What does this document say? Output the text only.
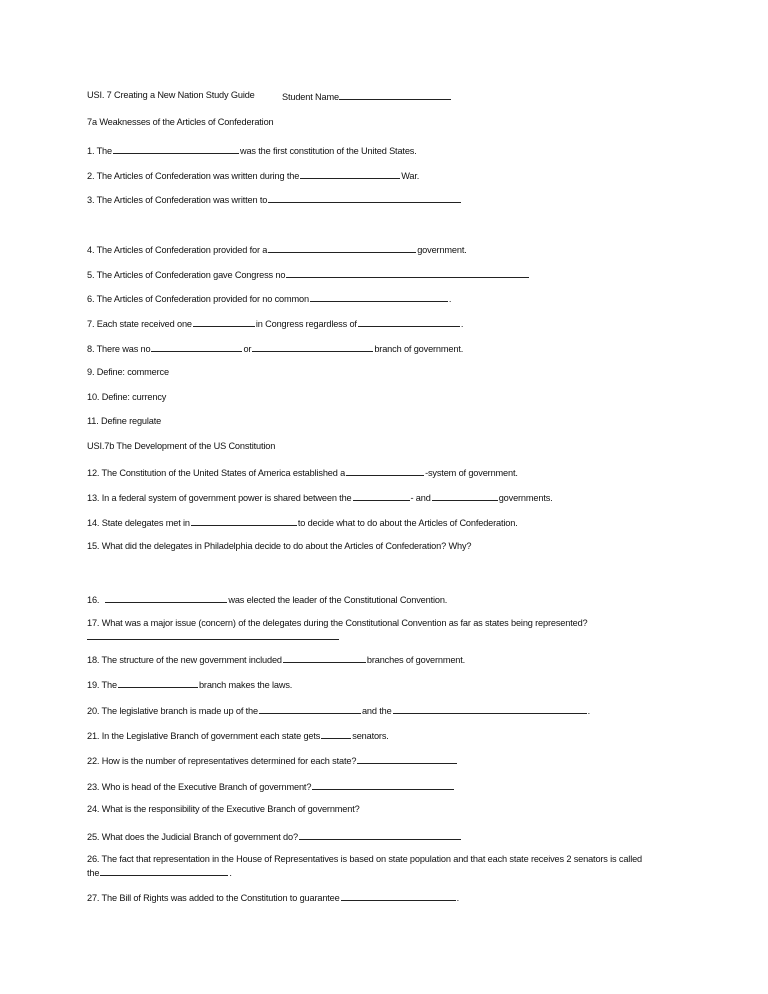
USI. 7 Creating a New Nation Study Guide	Student Name
7a Weaknesses of the Articles of Confederation
1. The	was the first constitution of the United States.
2. The Articles of Confederation was written during the	War.
3. The Articles of Confederation was written to
4. The Articles of Confederation provided for a	government.
5. The Articles of Confederation gave Congress no
6. The Articles of Confederation provided for no common	.
7. Each state received one	in Congress regardless of	.
8. There was no	or	branch of government.
9. Define: commerce
10. Define: currency
11. Define regulate
USI.7b The Development of the US Constitution
12. The Constitution of the United States of America established a	-system of government.
13. In a federal system of government power is shared between the	- and	governments.
14. State delegates met in	to decide what to do about the Articles of Confederation.
15. What did the delegates in Philadelphia decide to do about the Articles of Confederation? Why?
16.	was elected the leader of the Constitutional Convention.
17. What was a major issue (concern) of the delegates during the Constitutional Convention as far as states being represented?
18. The structure of the new government included	branches of government.
19. The	branch makes the laws.
20. The legislative branch is made up of the	and the	.
21. In the Legislative Branch of government each state gets	senators.
22. How is the number of representatives determined for each state?
23. Who is head of the Executive Branch of government?
24. What is the responsibility of the Executive Branch of government?
25. What does the Judicial Branch of government do?
26. The fact that representation in the House of Representatives is based on state population and that each state receives 2 senators is called
the	.
27. The Bill of Rights was added to the Constitution to guarantee	.
